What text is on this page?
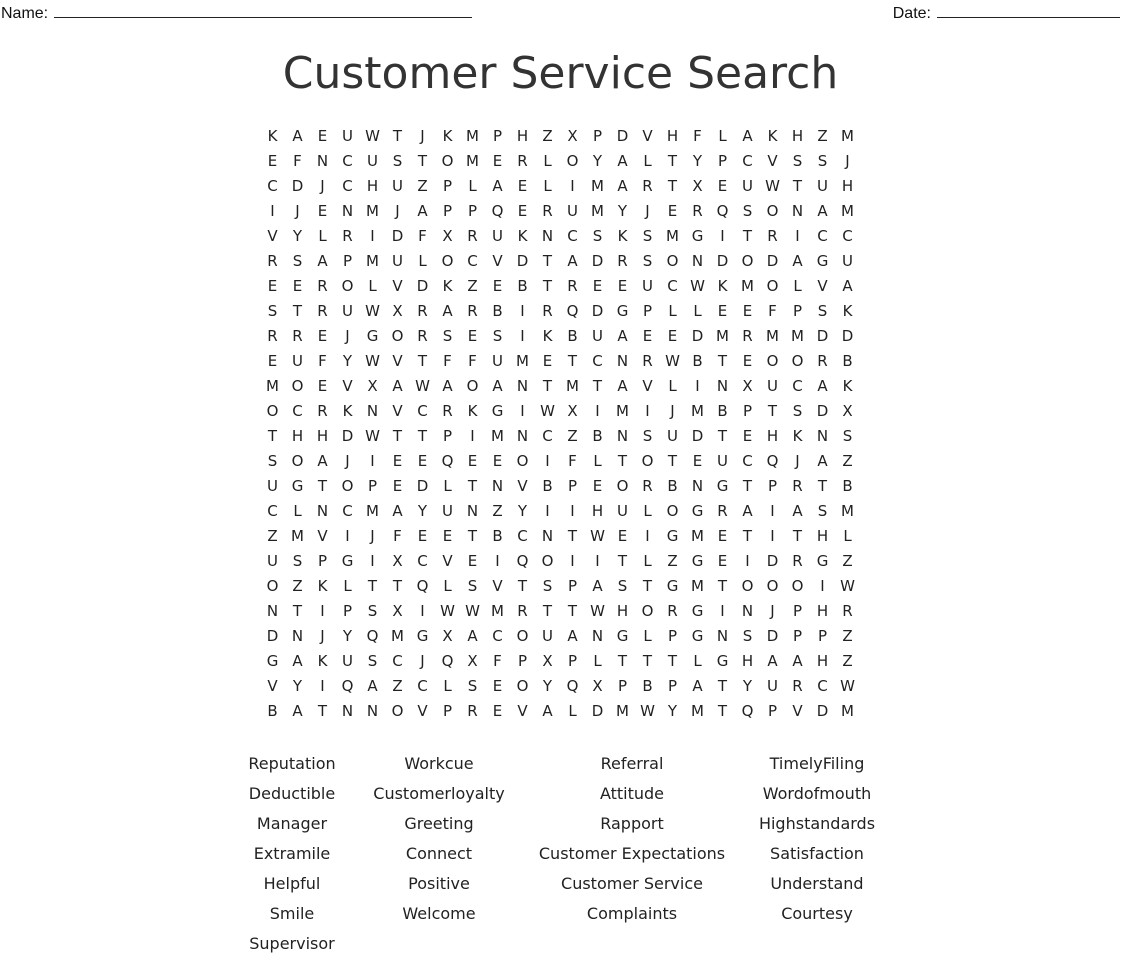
Name:	Date:
Customer Service Search
K A	E U W T	J	K M P H Z X	P D V H	F	L	A K H Z M
E	F	N C U S	T O M E	R	L O Y	A	L	T	Y	P	C V	S	S	J
C D	J	C H U Z	P	L	A	E	L	I	M A R	T	X	E U W T U H
I	J	E N M	J	A	P	P Q E	R U M Y	J	E	R Q S O N A M
V	Y	L	R	I	D F	X R U K N C	S	K	S M G	I	T	R	I	C C
R	S	A	P M U	L O C V D T	A D R	S O N D O D A G U
E	E	R O L	V D K Z	E	B	T	R	E	E U C W K M O L	V A
S	T	R U W X R A R B	I	R Q D G P	L	L	E	E	F	P	S	K
R R	E	J	G O R	S	E	S	I	K B U A	E	E D M R M M D D
E U	F	Y W V	T	F	F	U M E	T	C N R W B	T	E O O R B
M O E	V X A W A O A N T M T	A V	L	I	N X U C A K
O C R K N V C R K G	I	W X	I	M	I	J	M B	P	T	S D X
T H H D W T	T	P	I	M N C Z B N S U D T	E H K N S
S O A	J	I	E	E Q E	E O	I	F	L	T O T	E U C Q	J	A Z
U G T O P	E D	L	T N V B	P	E O R B N G T	P	R	T	B
C	L	N C M A	Y U N Z	Y	I	I	H U	L O G R A	I	A	S M
Z M V	I	J	F	E	E	T	B C N T W E	I	G M E	T	I	T H	L
U S	P G	I	X C V	E	I	Q O	I	I	T	L	Z G E	I	D R G Z
O Z K	L	T	T Q L	S	V	T	S	P	A	S	T G M T O O O	I	W
N T	I	P	S	X	I	W W M R	T	T W H O R G	I	N	J	P H R
D N	J	Y Q M G X A C O U A N G	L	P G N S D P	P	Z
G A K U S C	J	Q X	F	P	X	P	L	T	T	T	L	G H A A H Z
V	Y	I	Q A Z C	L	S	E O Y Q X	P	B	P	A	T	Y U R C W
B A	T N N O V	P	R	E	V A	L	D M W Y M T Q P	V D M
Reputation
Deductible
Manager
Extramile
Helpful
Smile
Supervisor
Workcue
Customerloyalty
Greeting
Connect
Positive
Welcome
Referral
Attitude
Rapport
Customer Expectations
Customer Service
Complaints
TimelyFiling
Wordofmouth
Highstandards
Satisfaction
Understand
Courtesy
